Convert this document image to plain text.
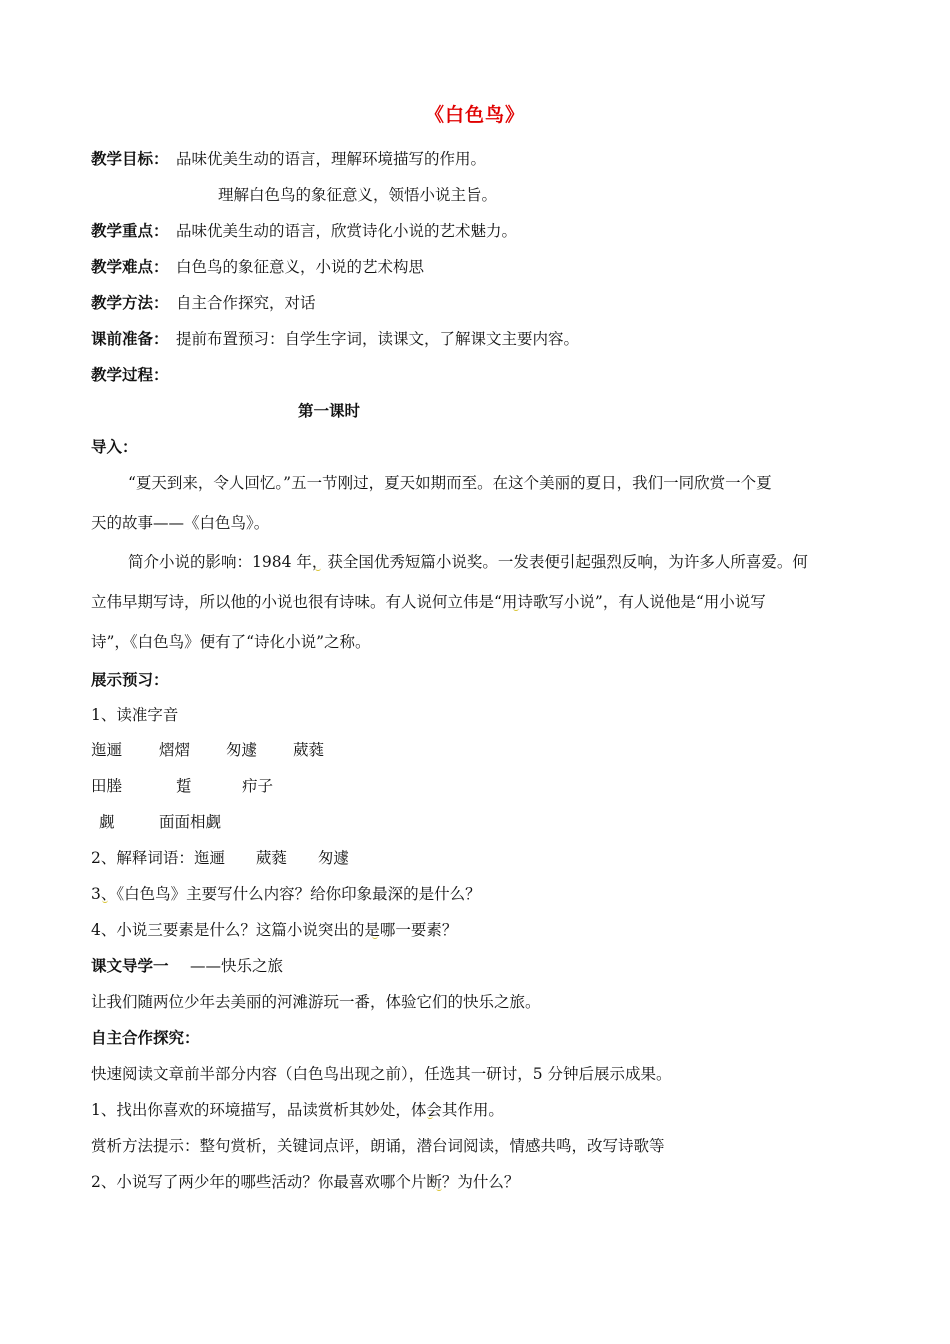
《白色鸟》
教学目标： 品味优美生动的语言，理解环境描写的作用。
理解白色鸟的象征意义，领悟小说主旨。
教学重点： 品味优美生动的语言，欣赏诗化小说的艺术魅力。
教学难点： 白色鸟的象征意义，小说的艺术构思
教学方法： 自主合作探究，对话
课前准备： 提前布置预习：自学生字词，读课文，了解课文主要内容。
教学过程：
第一课时
导入：
“夏天到来，令人回忆。”五一节刚过，夏天如期而至。在这个美丽的夏日，我们一同欣赏一个夏
天的故事——《白色鸟》。
简介小说的影响：1984 年，获全国优秀短篇小说奖。一发表便引起强烈反响，为许多人所喜爱。何
立伟早期写诗，所以他的小说也很有诗味。有人说何立伟是“用诗歌写小说”，有人说他是“用小说写
诗”，《白色鸟》便有了“诗化小说”之称。
展示预习：
1、读准字音
迤逦 熠熠 匆遽 葳蕤
田塍	踅	疖子
觑	面面相觑
2、解释词语：迤逦　　葳蕤　　匆遽
3、《白色鸟》主要写什么内容？给你印象最深的是什么？
4、小说三要素是什么？这篇小说突出的是哪一要素？
课文导学一 ——快乐之旅
让我们随两位少年去美丽的河滩游玩一番，体验它们的快乐之旅。
自主合作探究：
快速阅读文章前半部分内容（白色鸟出现之前），任选其一研讨，5 分钟后展示成果。
1、找出你喜欢的环境描写，品读赏析其妙处，体会其作用。
赏析方法提示：整句赏析，关键词点评，朗诵，潜台词阅读，情感共鸣，改写诗歌等
2、小说写了两少年的哪些活动？你最喜欢哪个片断？为什么？
